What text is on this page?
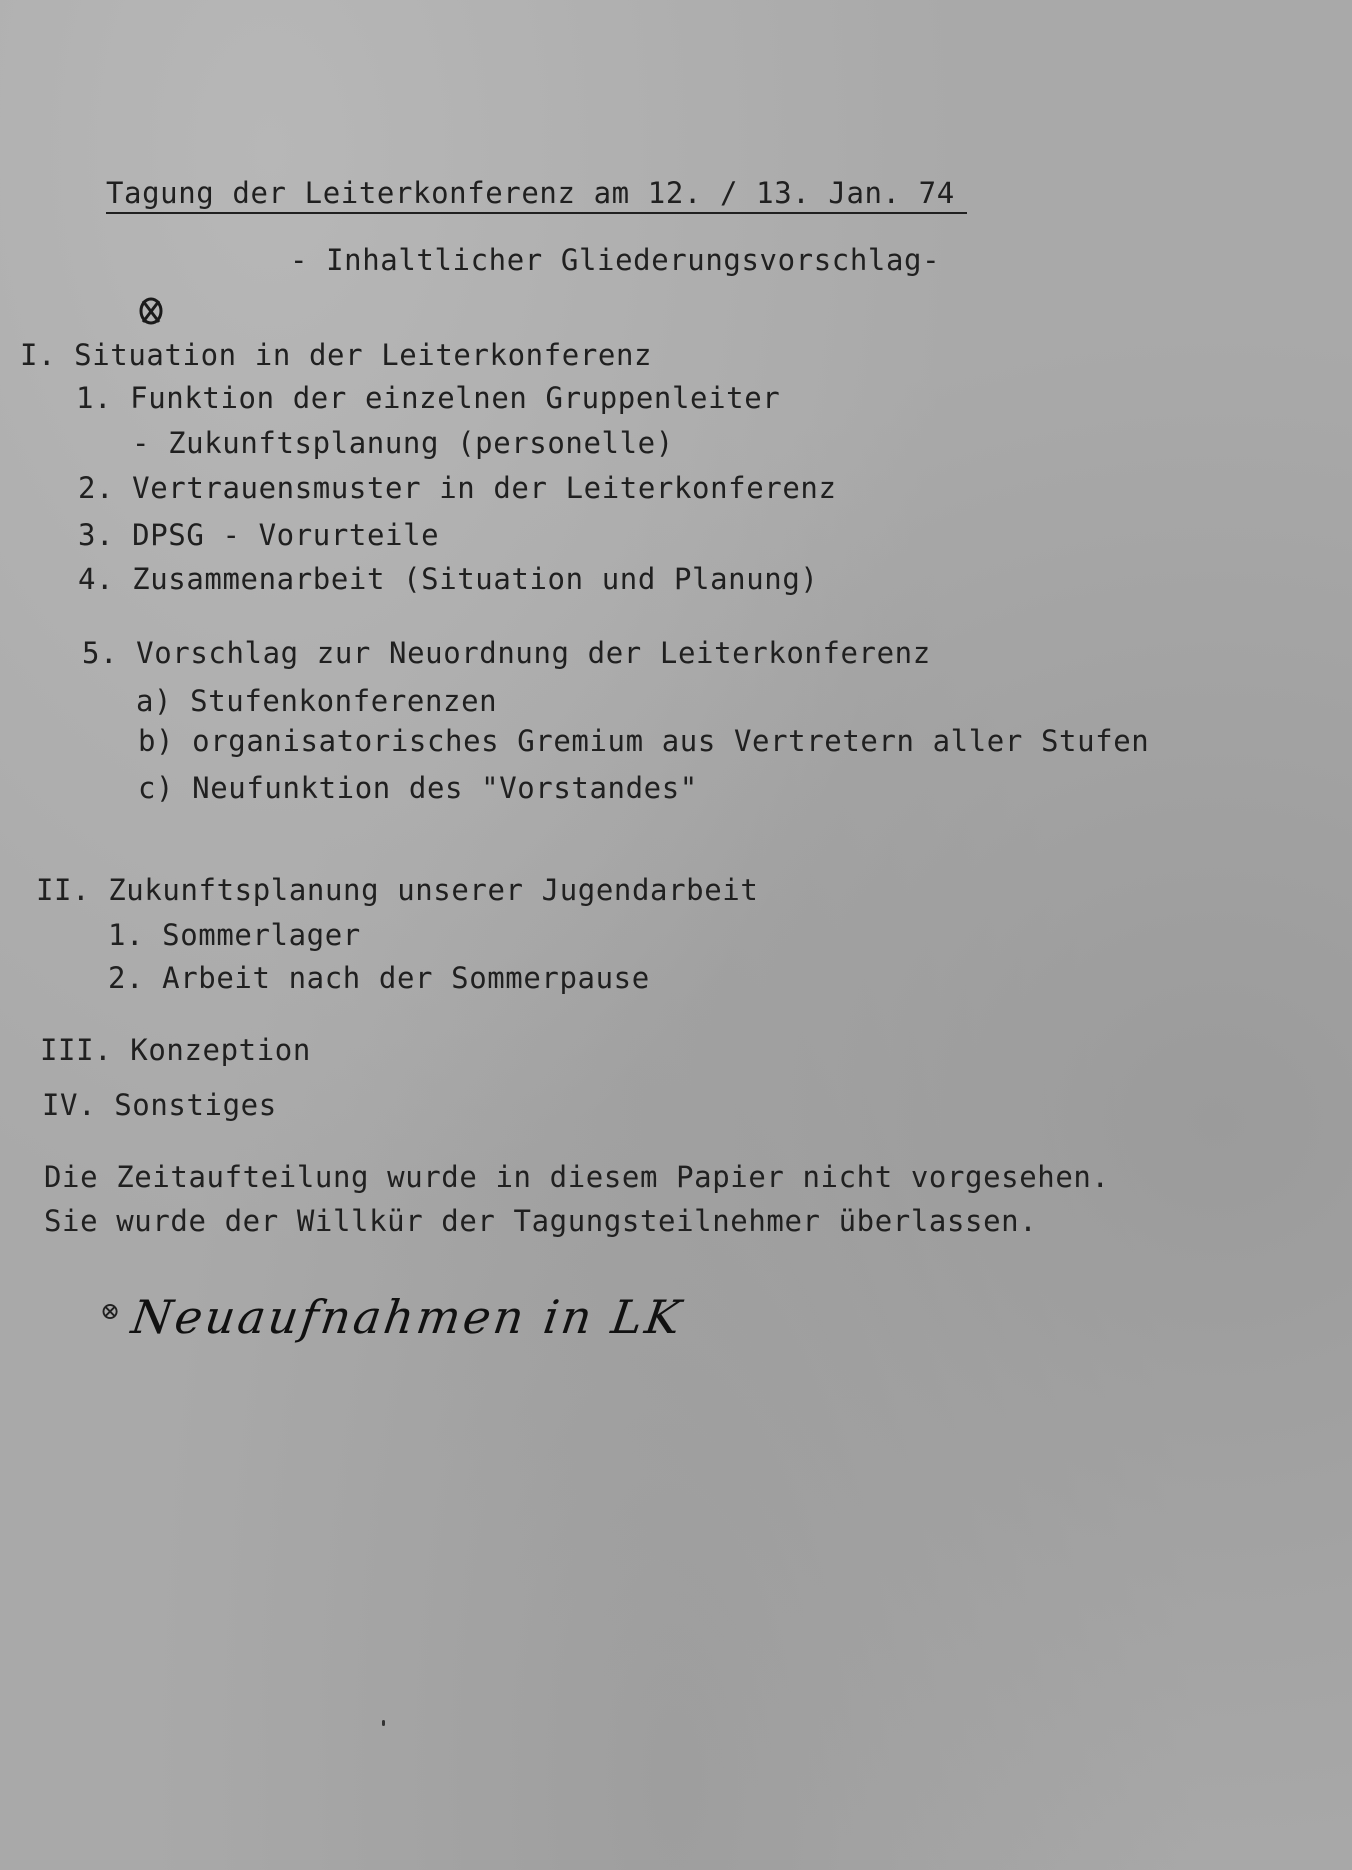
Tagung der Leiterkonferenz am 12. / 13. Jan. 74
- Inhaltlicher Gliederungsvorschlag-
I. Situation in der Leiterkonferenz
1. Funktion der einzelnen Gruppenleiter
- Zukunftsplanung (personelle)
2. Vertrauensmuster in der Leiterkonferenz
3. DPSG - Vorurteile
4. Zusammenarbeit (Situation und Planung)
5. Vorschlag zur Neuordnung der Leiterkonferenz
a) Stufenkonferenzen
b) organisatorisches Gremium aus Vertretern aller Stufen
c) Neufunktion des "Vorstandes"
II. Zukunftsplanung unserer Jugendarbeit
1. Sommerlager
2. Arbeit nach der Sommerpause
III. Konzeption
IV. Sonstiges
Die Zeitaufteilung wurde in diesem Papier nicht vorgesehen.
Sie wurde der Willkür der Tagungsteilnehmer überlassen.
⊗ Neuaufnahmen in LK
